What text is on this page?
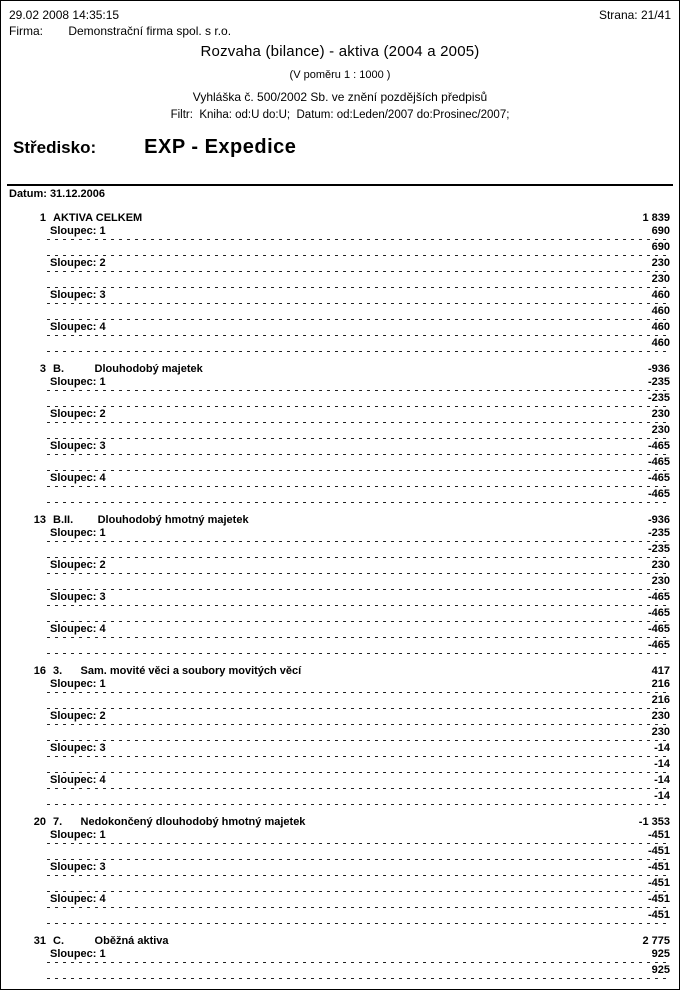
29.02 2008 14:35:15	Strana: 21/41
Firma: Demonstrační firma spol. s r.o.
Rozvaha (bilance) - aktiva (2004 a 2005)
(V poměru 1 : 1000 )
Vyhláška č. 500/2002 Sb. ve znění pozdějších předpisů
Filtr:  Kniha: od:U do:U;  Datum: od:Leden/2007 do:Prosinec/2007;
Středisko: EXP - Expedice
Datum: 31.12.2006
1 AKTIVA CELKEM	1 839
Sloupec: 1	690
690
Sloupec: 2	230
230
Sloupec: 3	460
460
Sloupec: 4	460
460
3 B.          Dlouhodobý majetek	-936
Sloupec: 1	-235
-235
Sloupec: 2	230
230
Sloupec: 3	-465
-465
Sloupec: 4	-465
-465
13 B.II.        Dlouhodobý hmotný majetek	-936
Sloupec: 1	-235
-235
Sloupec: 2	230
230
Sloupec: 3	-465
-465
Sloupec: 4	-465
-465
16 3.      Sam. movité věci a soubory movitých věcí	417
Sloupec: 1	216
216
Sloupec: 2	230
230
Sloupec: 3	-14
-14
Sloupec: 4	-14
-14
20 7.      Nedokončený dlouhodobý hmotný majetek	-1 353
Sloupec: 1	-451
-451
Sloupec: 3	-451
-451
Sloupec: 4	-451
-451
31 C.          Oběžná aktiva	2 775
Sloupec: 1	925
925
